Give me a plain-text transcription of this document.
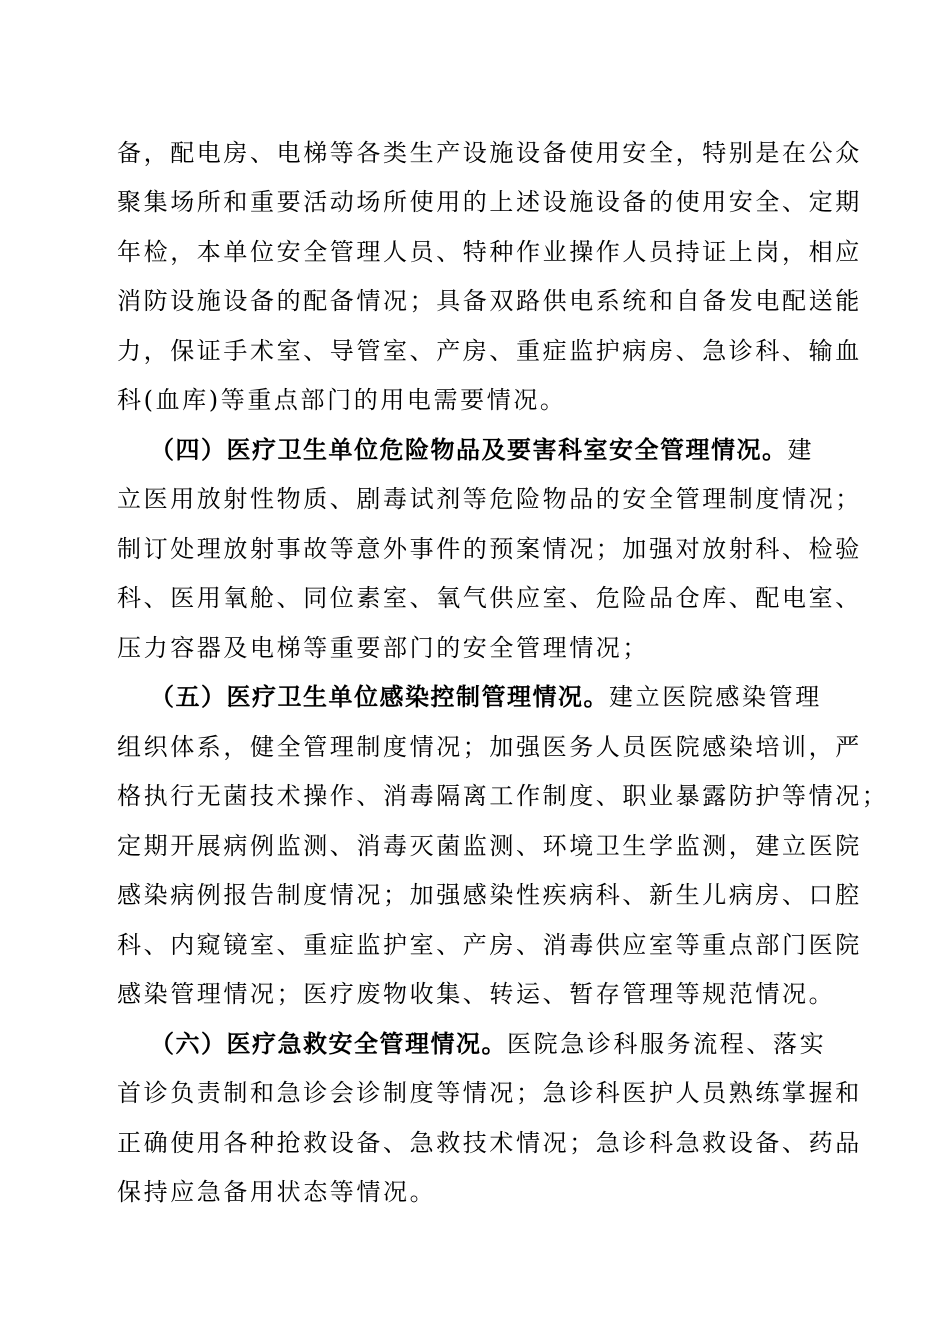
备，配电房、电梯等各类生产设施设备使用安全，特别是在公众
聚集场所和重要活动场所使用的上述设施设备的使用安全、定期
年检，本单位安全管理人员、特种作业操作人员持证上岗，相应
消防设施设备的配备情况；具备双路供电系统和自备发电配送能
力，保证手术室、导管室、产房、重症监护病房、急诊科、输血
科(血库)等重点部门的用电需要情况。
（四）医疗卫生单位危险物品及要害科室安全管理情况。建
立医用放射性物质、剧毒试剂等危险物品的安全管理制度情况；
制订处理放射事故等意外事件的预案情况；加强对放射科、检验
科、医用氧舱、同位素室、氧气供应室、危险品仓库、配电室、
压力容器及电梯等重要部门的安全管理情况；
（五）医疗卫生单位感染控制管理情况。建立医院感染管理
组织体系，健全管理制度情况；加强医务人员医院感染培训，严
格执行无菌技术操作、消毒隔离工作制度、职业暴露防护等情况；
定期开展病例监测、消毒灭菌监测、环境卫生学监测，建立医院
感染病例报告制度情况；加强感染性疾病科、新生儿病房、口腔
科、内窥镜室、重症监护室、产房、消毒供应室等重点部门医院
感染管理情况；医疗废物收集、转运、暂存管理等规范情况。
（六）医疗急救安全管理情况。医院急诊科服务流程、落实
首诊负责制和急诊会诊制度等情况；急诊科医护人员熟练掌握和
正确使用各种抢救设备、急救技术情况；急诊科急救设备、药品
保持应急备用状态等情况。
